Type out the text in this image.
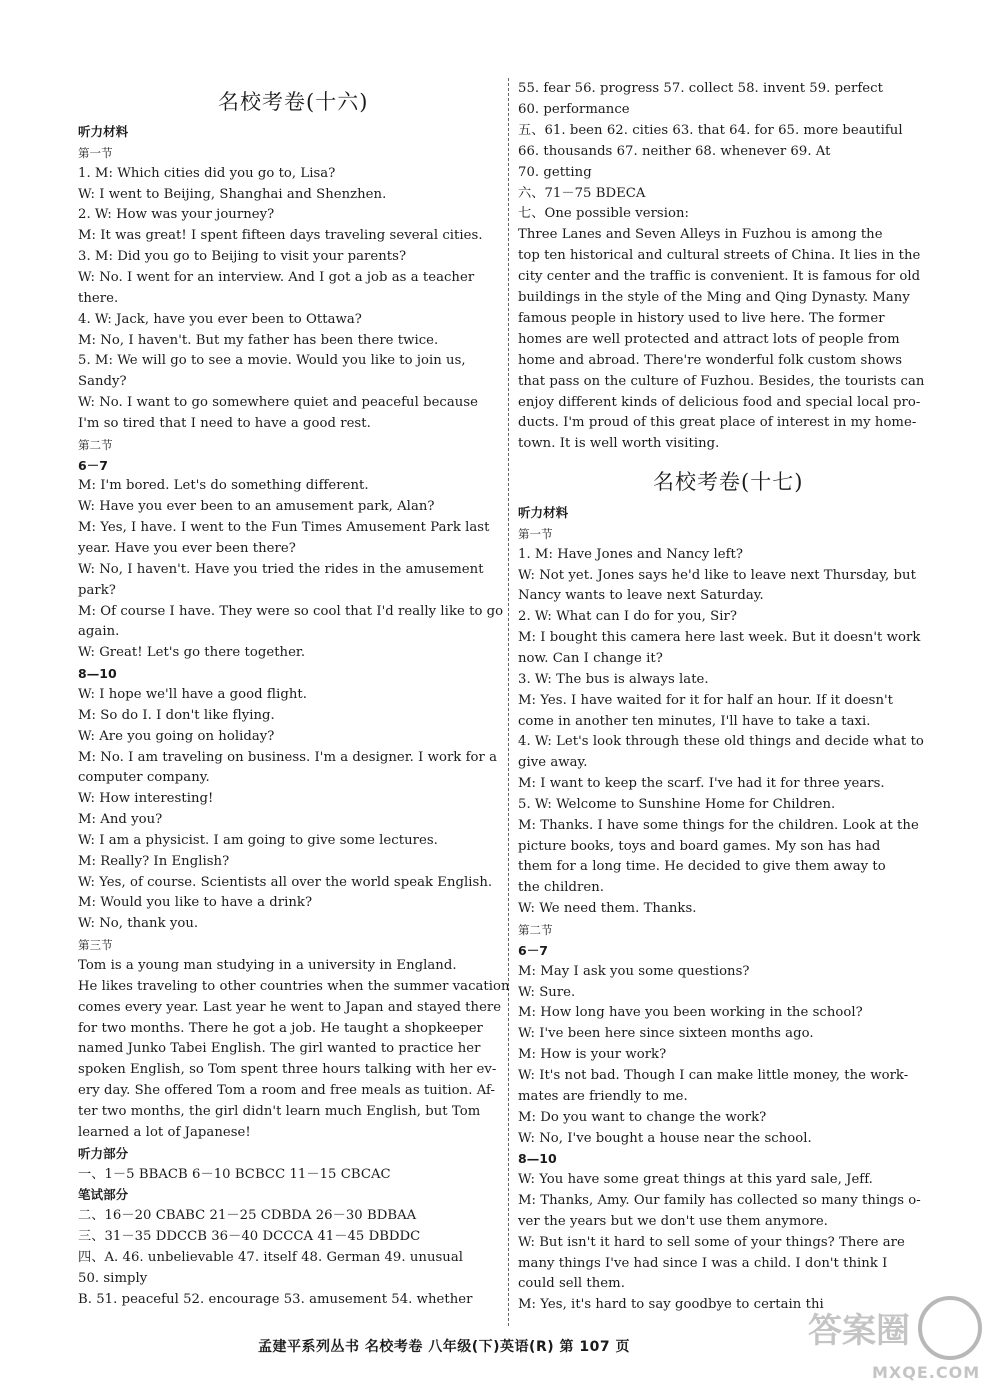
名校考卷(十六)
听力材料
第一节
1. M: Which cities did you go to, Lisa?
W: I went to Beijing, Shanghai and Shenzhen.
2. W: How was your journey?
M: It was great! I spent fifteen days traveling several cities.
3. M: Did you go to Beijing to visit your parents?
W: No. I went for an interview. And I got a job as a teacher
there.
4. W: Jack, have you ever been to Ottawa?
M: No, I haven't. But my father has been there twice.
5. M: We will go to see a movie. Would you like to join us,
Sandy?
W: No. I want to go somewhere quiet and peaceful because
I'm so tired that I need to have a good rest.
第二节
6－7
M: I'm bored. Let's do something different.
W: Have you ever been to an amusement park, Alan?
M: Yes, I have. I went to the Fun Times Amusement Park last
year. Have you ever been there?
W: No, I haven't. Have you tried the rides in the amusement
park?
M: Of course I have. They were so cool that I'd really like to go
again.
W: Great! Let's go there together.
8—10
W: I hope we'll have a good flight.
M: So do I. I don't like flying.
W: Are you going on holiday?
M: No. I am traveling on business. I'm a designer. I work for a
computer company.
W: How interesting!
M: And you?
W: I am a physicist. I am going to give some lectures.
M: Really? In English?
W: Yes, of course. Scientists all over the world speak English.
M: Would you like to have a drink?
W: No, thank you.
第三节
Tom is a young man studying in a university in England.
He likes traveling to other countries when the summer vacation
comes every year. Last year he went to Japan and stayed there
for two months. There he got a job. He taught a shopkeeper
named Junko Tabei English. The girl wanted to practice her
spoken English, so Tom spent three hours talking with her ev-
ery day. She offered Tom a room and free meals as tuition. Af-
ter two months, the girl didn't learn much English, but Tom
learned a lot of Japanese!
听力部分
一、1－5 BBACB 6－10 BCBCC 11－15 CBCAC
笔试部分
二、16－20 CBABC 21－25 CDBDA 26－30 BDBAA
三、31－35 DDCCB 36－40 DCCCA 41－45 DBDDC
四、A. 46. unbelievable 47. itself 48. German 49. unusual
50. simply
B. 51. peaceful 52. encourage 53. amusement 54. whether
55. fear 56. progress 57. collect 58. invent 59. perfect
60. performance
五、61. been 62. cities 63. that 64. for 65. more beautiful
66. thousands 67. neither 68. whenever 69. At
70. getting
六、71－75 BDECA
七、One possible version:
Three Lanes and Seven Alleys in Fuzhou is among the
top ten historical and cultural streets of China. It lies in the
city center and the traffic is convenient. It is famous for old
buildings in the style of the Ming and Qing Dynasty. Many
famous people in history used to live here. The former
homes are well protected and attract lots of people from
home and abroad. There're wonderful folk custom shows
that pass on the culture of Fuzhou. Besides, the tourists can
enjoy different kinds of delicious food and special local pro-
ducts. I'm proud of this great place of interest in my home-
town. It is well worth visiting.
名校考卷(十七)
听力材料
第一节
1. M: Have Jones and Nancy left?
W: Not yet. Jones says he'd like to leave next Thursday, but
Nancy wants to leave next Saturday.
2. W: What can I do for you, Sir?
M: I bought this camera here last week. But it doesn't work
now. Can I change it?
3. W: The bus is always late.
M: Yes. I have waited for it for half an hour. If it doesn't
come in another ten minutes, I'll have to take a taxi.
4. W: Let's look through these old things and decide what to
give away.
M: I want to keep the scarf. I've had it for three years.
5. W: Welcome to Sunshine Home for Children.
M: Thanks. I have some things for the children. Look at the
picture books, toys and board games. My son has had
them for a long time. He decided to give them away to
the children.
W: We need them. Thanks.
第二节
6－7
M: May I ask you some questions?
W: Sure.
M: How long have you been working in the school?
W: I've been here since sixteen months ago.
M: How is your work?
W: It's not bad. Though I can make little money, the work-
mates are friendly to me.
M: Do you want to change the work?
W: No, I've bought a house near the school.
8—10
W: You have some great things at this yard sale, Jeff.
M: Thanks, Amy. Our family has collected so many things o-
ver the years but we don't use them anymore.
W: But isn't it hard to sell some of your things? There are
many things I've had since I was a child. I don't think I
could sell them.
M: Yes, it's hard to say goodbye to certain thi
孟建平系列丛书 名校考卷 八年级(下)英语(R) 第 107 页	答案圈
MXQE.COM
